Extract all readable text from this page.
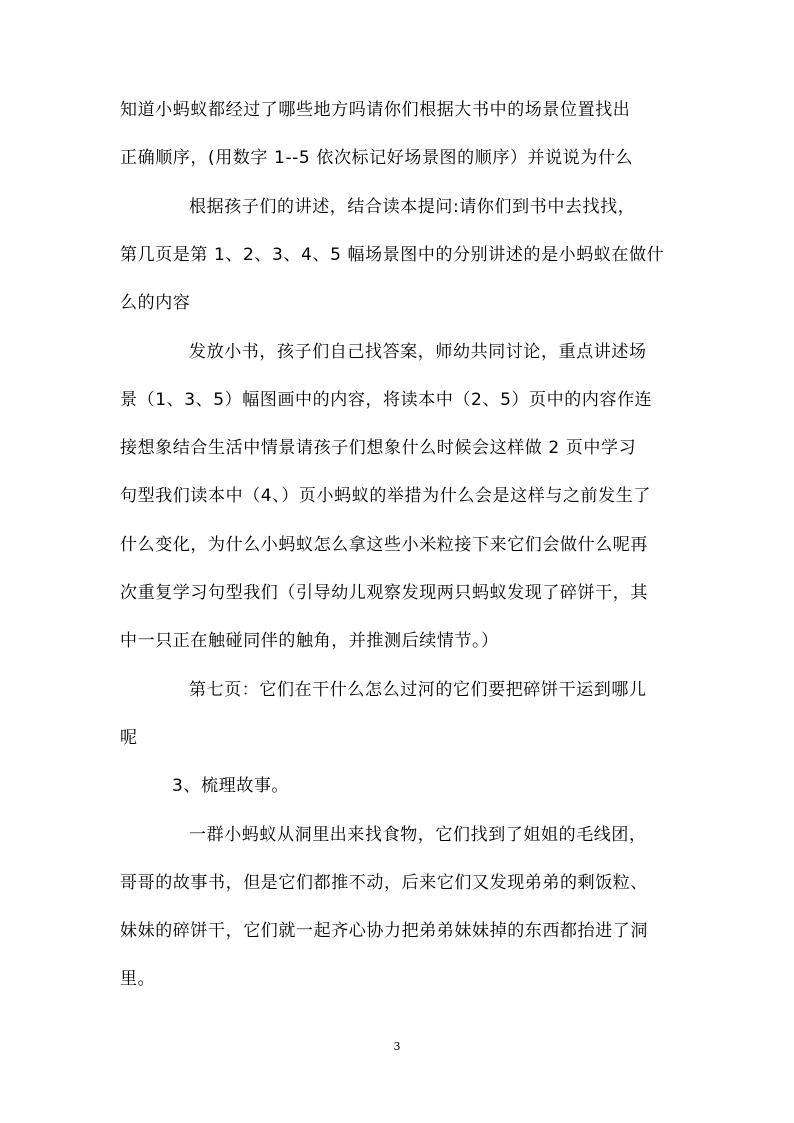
知道小蚂蚁都经过了哪些地方吗请你们根据大书中的场景位置找出
正确顺序，(用数字 1--5 依次标记好场景图的顺序）并说说为什么
根据孩子们的讲述，结合读本提问:请你们到书中去找找，
第几页是第 1、2、3、4、5 幅场景图中的分别讲述的是小蚂蚁在做什
么的内容
发放小书，孩子们自己找答案，师幼共同讨论，重点讲述场
景（1、3、5）幅图画中的内容，将读本中（2、5）页中的内容作连
接想象结合生活中情景请孩子们想象什么时候会这样做 2 页中学习
句型我们读本中（4、）页小蚂蚁的举措为什么会是这样与之前发生了
什么变化，为什么小蚂蚁怎么拿这些小米粒接下来它们会做什么呢再
次重复学习句型我们（引导幼儿观察发现两只蚂蚁发现了碎饼干，其
中一只正在触碰同伴的触角，并推测后续情节。）
第七页：它们在干什么怎么过河的它们要把碎饼干运到哪儿
呢
3、梳理故事。
一群小蚂蚁从洞里出来找食物，它们找到了姐姐的毛线团，
哥哥的故事书，但是它们都推不动，后来它们又发现弟弟的剩饭粒、
妹妹的碎饼干，它们就一起齐心协力把弟弟妹妹掉的东西都抬进了洞
里。
3
